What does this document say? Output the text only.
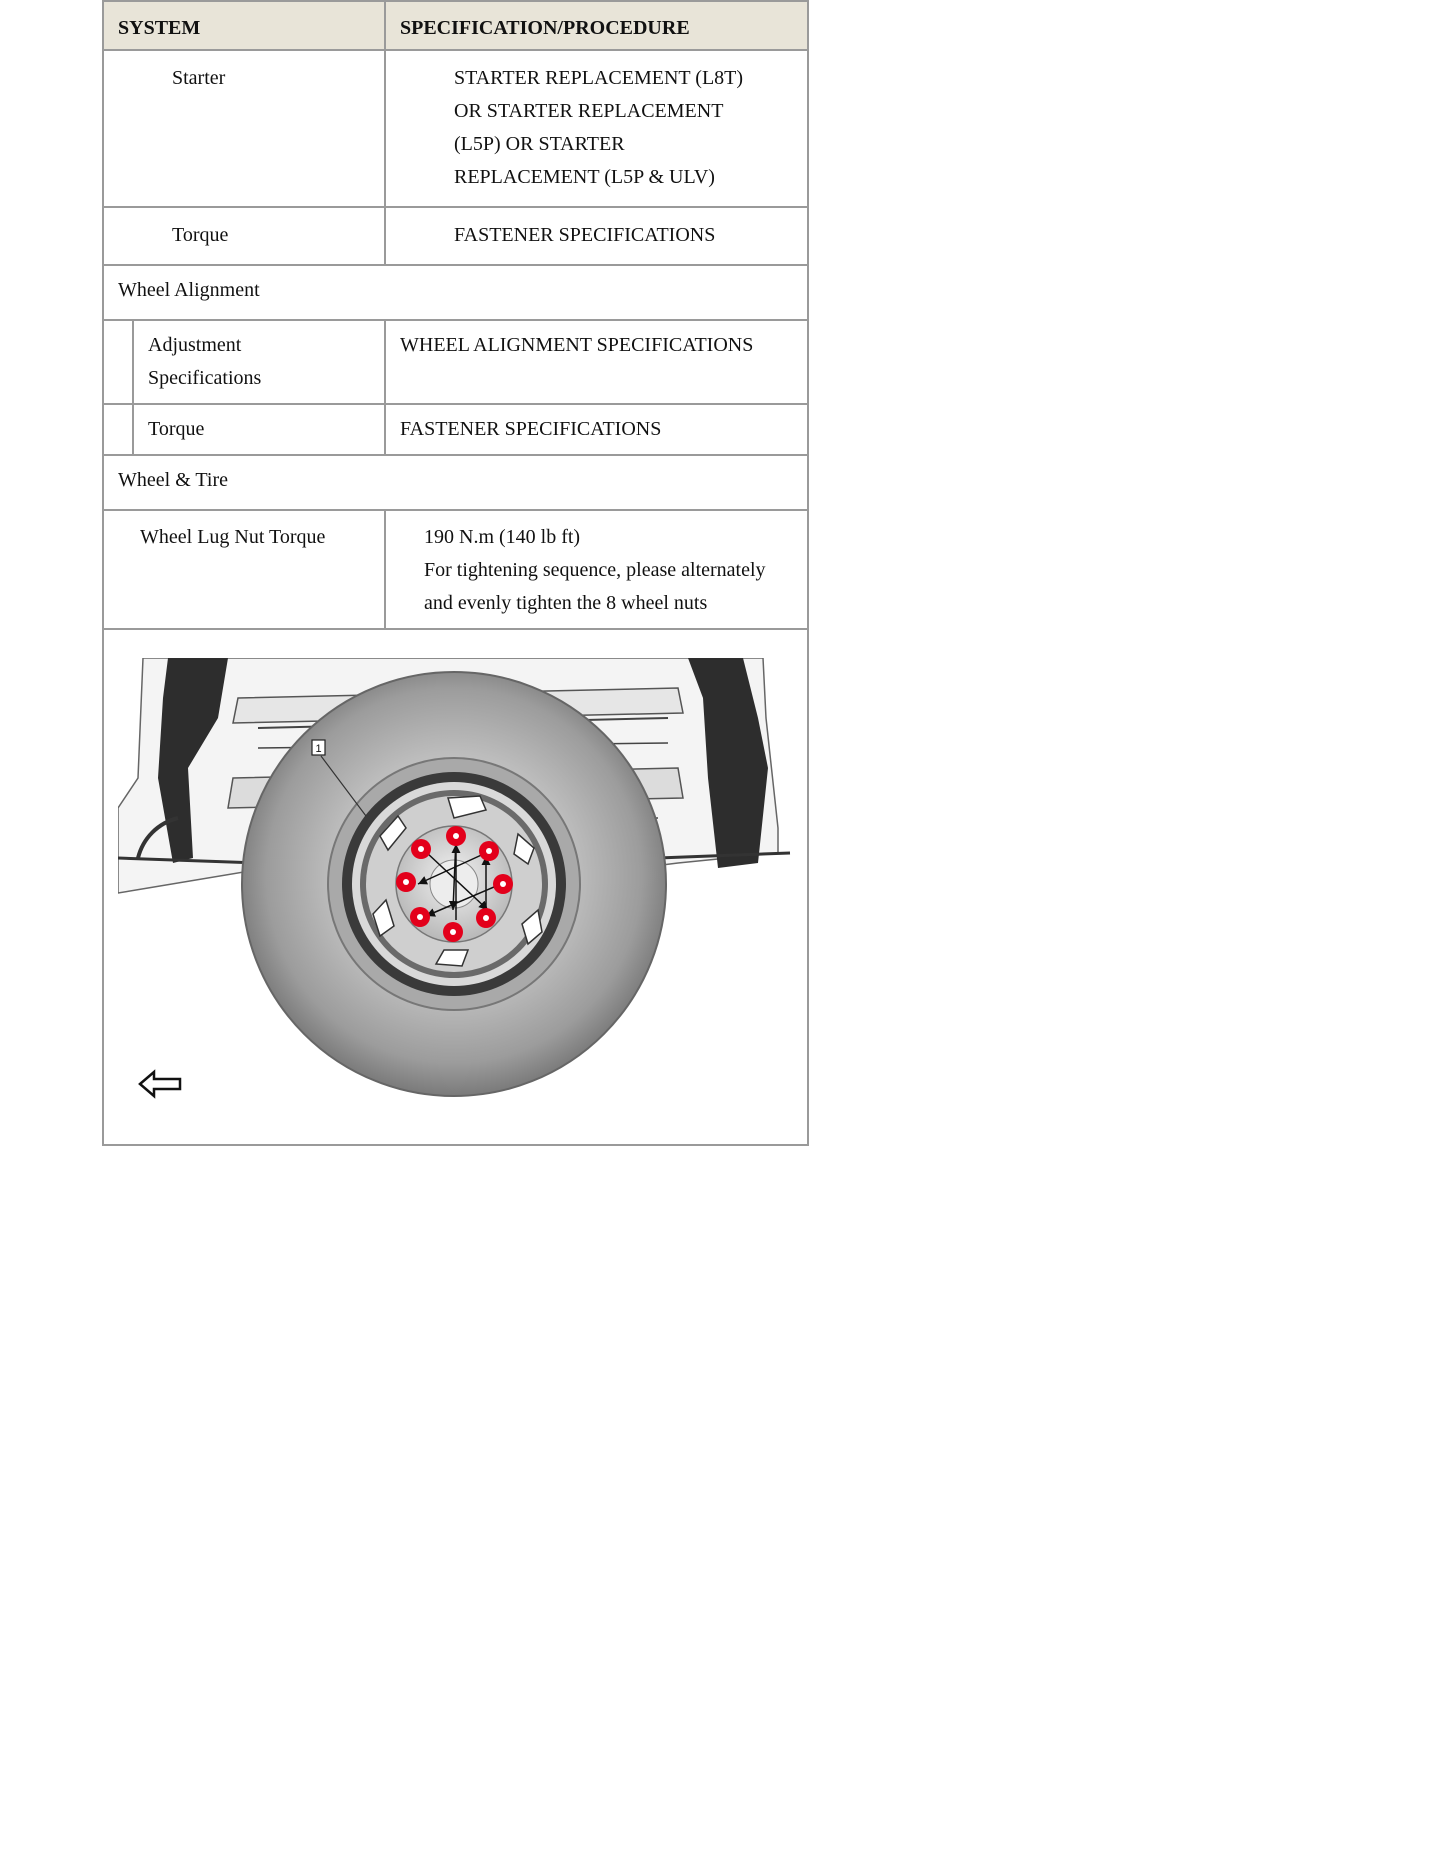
SYSTEM		SPECIFICATION/PROCEDURE
Starter		STARTER REPLACEMENT (L8T)
OR STARTER REPLACEMENT
(L5P) OR STARTER
REPLACEMENT (L5P & ULV)

Torque		FASTENER SPECIFICATIONS
Wheel Alignment		

	Adjustment
Specifications	WHEEL ALIGNMENT SPECIFICATIONS
	Torque	FASTENER SPECIFICATIONS
Wheel & Tire		
Wheel Lug Nut Torque		190 N.m (140 lb ft)
For tightening sequence, please alternately
and evenly tighten the 8 wheel nuts

1		
